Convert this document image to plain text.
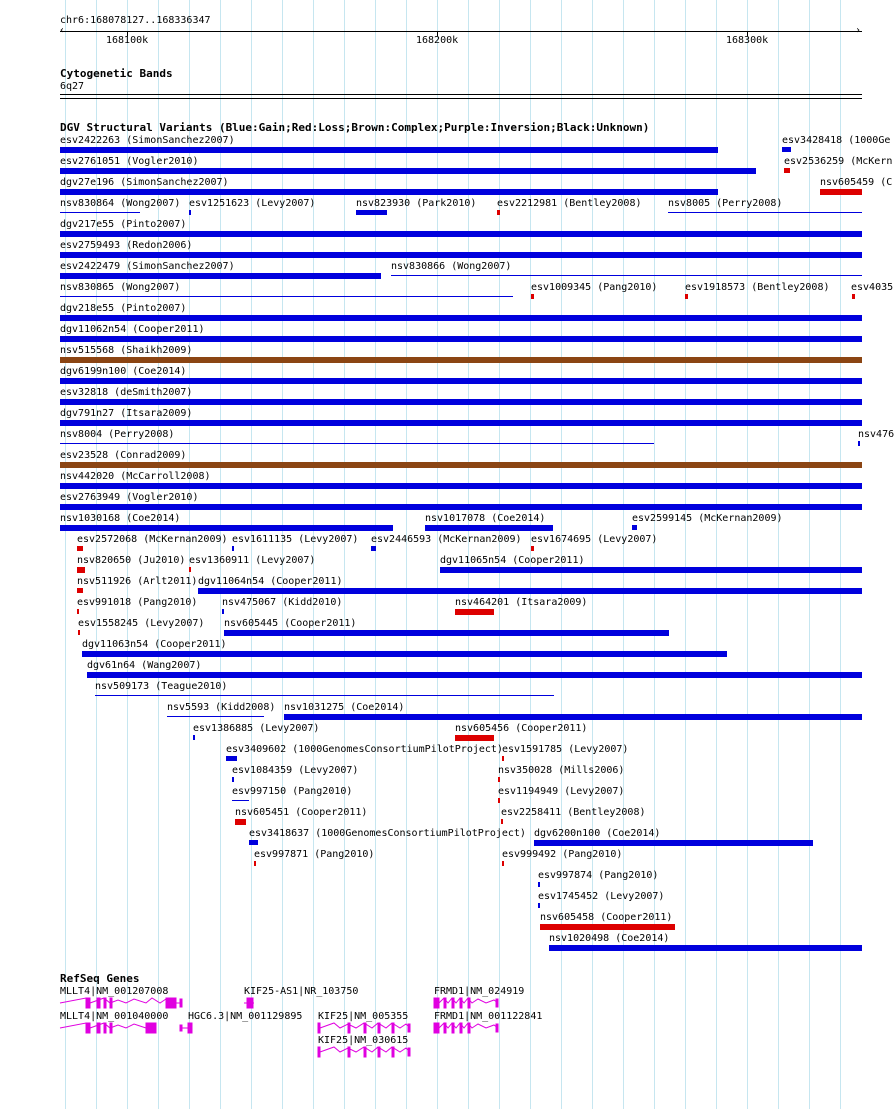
chr6:168078127..168336347
›
168100k	168200k	168300k
Cytogenetic Bands
6q27
DGV Structural Variants (Blue:Gain;Red:Loss;Brown:Complex;Purple:Inversion;Black:Unknown)
esv2422263 (SimonSanchez2007)	esv3428418 (1000Ge
esv2761051 (Vogler2010)	esv2536259 (McKern
dgv27e196 (SimonSanchez2007)	nsv605459 (C
nsv830864 (Wong2007) esv1251623 (Levy2007)	nsv823930 (Park2010) esv2212981 (Bentley2008)	nsv8005 (Perry2008)
dgv217e55 (Pinto2007)
esv2759493 (Redon2006)
esv2422479 (SimonSanchez2007)	nsv830866 (Wong2007)
nsv830865 (Wong2007)	esv1009345 (Pang2010)	esv1918573 (Bentley2008) esv4035
dgv218e55 (Pinto2007)
dgv11062n54 (Cooper2011)
nsv515568 (Shaikh2009)
dgv6199n100 (Coe2014)
esv32818 (deSmith2007)
dgv791n27 (Itsara2009)
nsv8004 (Perry2008)	nsv476
esv23528 (Conrad2009)
nsv442020 (McCarroll2008)
esv2763949 (Vogler2010)
nsv1030168 (Coe2014)	nsv1017078 (Coe2014)	esv2599145 (McKernan2009)
esv2572068 (McKernan2009) esv1611135 (Levy2007) esv2446593 (McKernan2009) esv1674695 (Levy2007)
nsv820650 (Ju2010) esv1360911 (Levy2007)	dgv11065n54 (Cooper2011)
nsv511926 (Arlt2011) dgv11064n54 (Cooper2011)
esv991018 (Pang2010) nsv475067 (Kidd2010)	nsv464201 (Itsara2009)
esv1558245 (Levy2007) nsv605445 (Cooper2011)
dgv11063n54 (Cooper2011)
dgv61n64 (Wang2007)
nsv509173 (Teague2010)
nsv5593 (Kidd2008) nsv1031275 (Coe2014)
esv1386885 (Levy2007)	nsv605456 (Cooper2011)
esv3409602 (1000GenomesConsortiumPilotProject) esv1591785 (Levy2007)
esv1084359 (Levy2007)	nsv350028 (Mills2006)
esv997150 (Pang2010)	esv1194949 (Levy2007)
nsv605451 (Cooper2011)	esv2258411 (Bentley2008)
esv3418637 (1000GenomesConsortiumPilotProject) dgv6200n100 (Coe2014)
esv997871 (Pang2010)	esv999492 (Pang2010)
esv997874 (Pang2010)
esv1745452 (Levy2007)
nsv605458 (Cooper2011)
nsv1020498 (Coe2014)
RefSeq Genes
MLLT4|NM_001207008	KIF25-AS1|NR_103750	FRMD1|NM_024919
MLLT4|NM_001040000 HGC6.3|NM_001129895 KIF25|NM_005355	FRMD1|NM_001122841
KIF25|NM_030615
